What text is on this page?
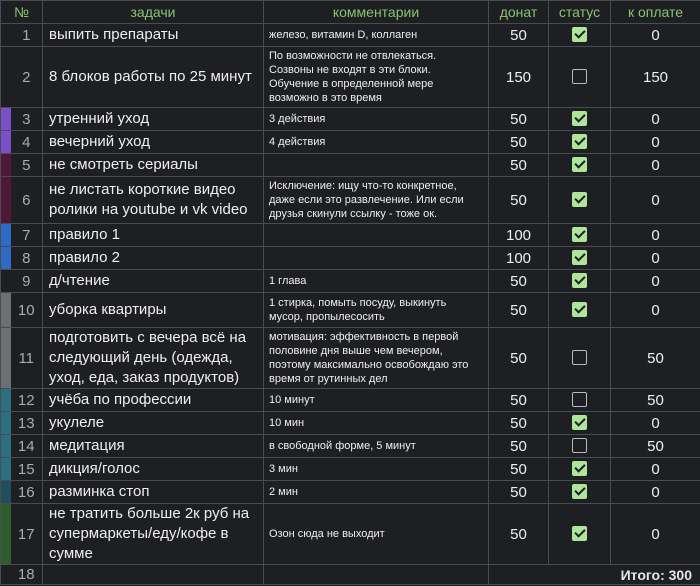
№		задачи	комментарии	донат	статус	к оплате
	1	выпить препараты	железо, витамин D, коллаген	50		0
	2	8 блоков работы по 25 минут	По возможности не отвлекаться. Созвоны не входят в эти блоки. Обучение в определенной мере возможно в это время	150		150
	3	утренний уход	3 действия	50		0
	4	вечерний уход	4 действия	50		0
	5	не смотреть сериалы		50		0
	6	не листать короткие видео ролики на youtube и vk video	Исключение: ищу что-то конкретное, даже если это развлечение. Или если друзья скинули ссылку - тоже ок.	50		0
	7	правило 1		100		0
	8	правило 2		100		0
	9	д/чтение	1 глава	50		0
	10	уборка квартиры	1 стирка, помыть посуду, выкинуть мусор, пропылесосить	50		0
	11	подготовить с вечера всё на следующий день (одежда, уход, еда, заказ продуктов)	мотивация: эффективность в первой половине дня выше чем вечером, поэтому максимально освобождаю это время от рутинных дел	50		50
	12	учёба по профессии	10 минут	50		50
	13	укулеле	10 мин	50		0
	14	медитация	в свободной форме, 5 минут	50		50
	15	дикция/голос	3 мин	50		0
	16	разминка стоп	2 мин	50		0
	17	не тратить больше 2к руб на супермаркеты/еду/кофе в сумме	Озон сюда не выходит	50		0
	18			Итого: 300		
